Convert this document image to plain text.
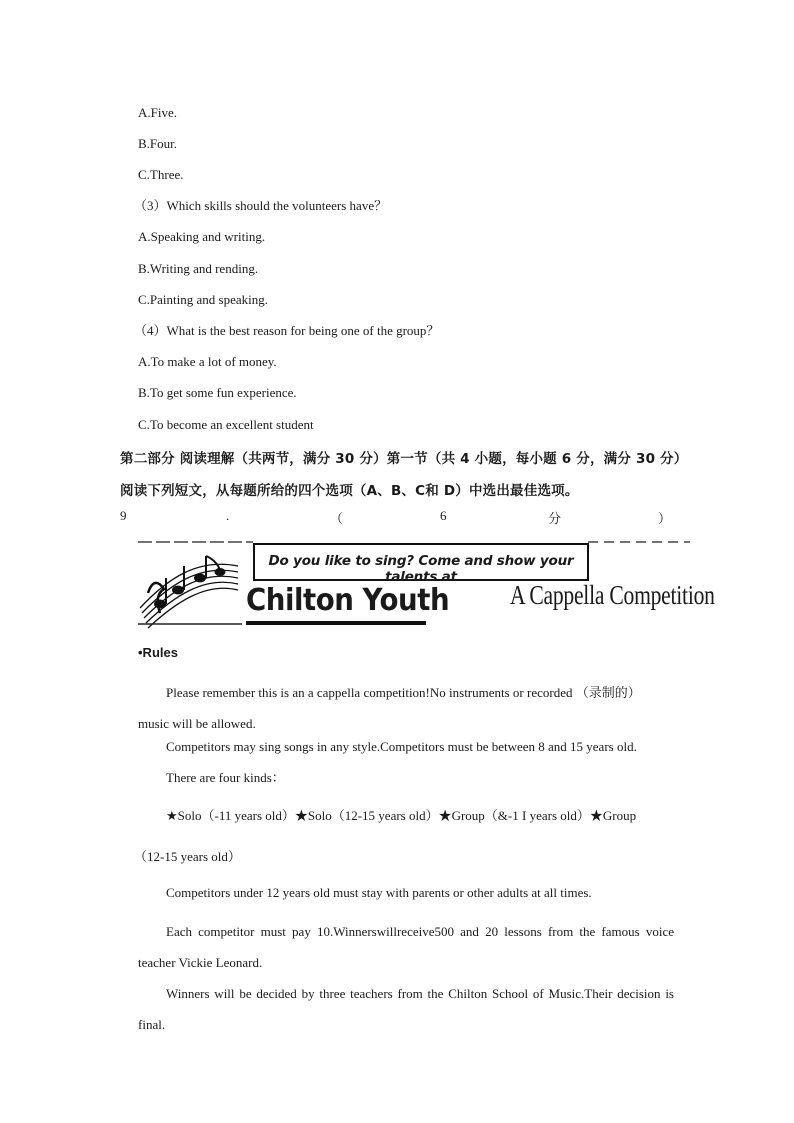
A.Five.
B.Four.
C.Three.
（3）Which skills should the volunteers have？
A.Speaking and writing.
B.Writing and rending.
C.Painting and speaking.
（4）What is the best reason for being one of the group？
A.To make a lot of money.
B.To get some fun experience.
C.To become an excellent student
第二部分 阅读理解（共两节，满分 30 分）第一节（共 4 小题，每小题 6 分，满分 30 分）
阅读下列短文，从每题所给的四个选项（A、B、C和 D）中选出最佳选项。
9	.	（	6	分	）
Do you like to sing? Come and show your talents at
Chilton Youth A Cappella Competition
•Rules
Please remember this is an a cappella competition!No instruments or recorded （录制的） music will be allowed.
Competitors may sing songs in any style.Competitors must be between 8 and 15 years old.
There are four kinds：
★Solo（-11 years old）★Solo（12-15 years old）★Group（&-1 I years old）★Group
（12-15 years old）
Competitors under 12 years old must stay with parents or other adults at all times.
Each competitor must pay 10.Winnerswillreceive500 and 20 lessons from the famous voice teacher Vickie Leonard.
Winners will be decided by three teachers from the Chilton School of Music.Their decision is final.
